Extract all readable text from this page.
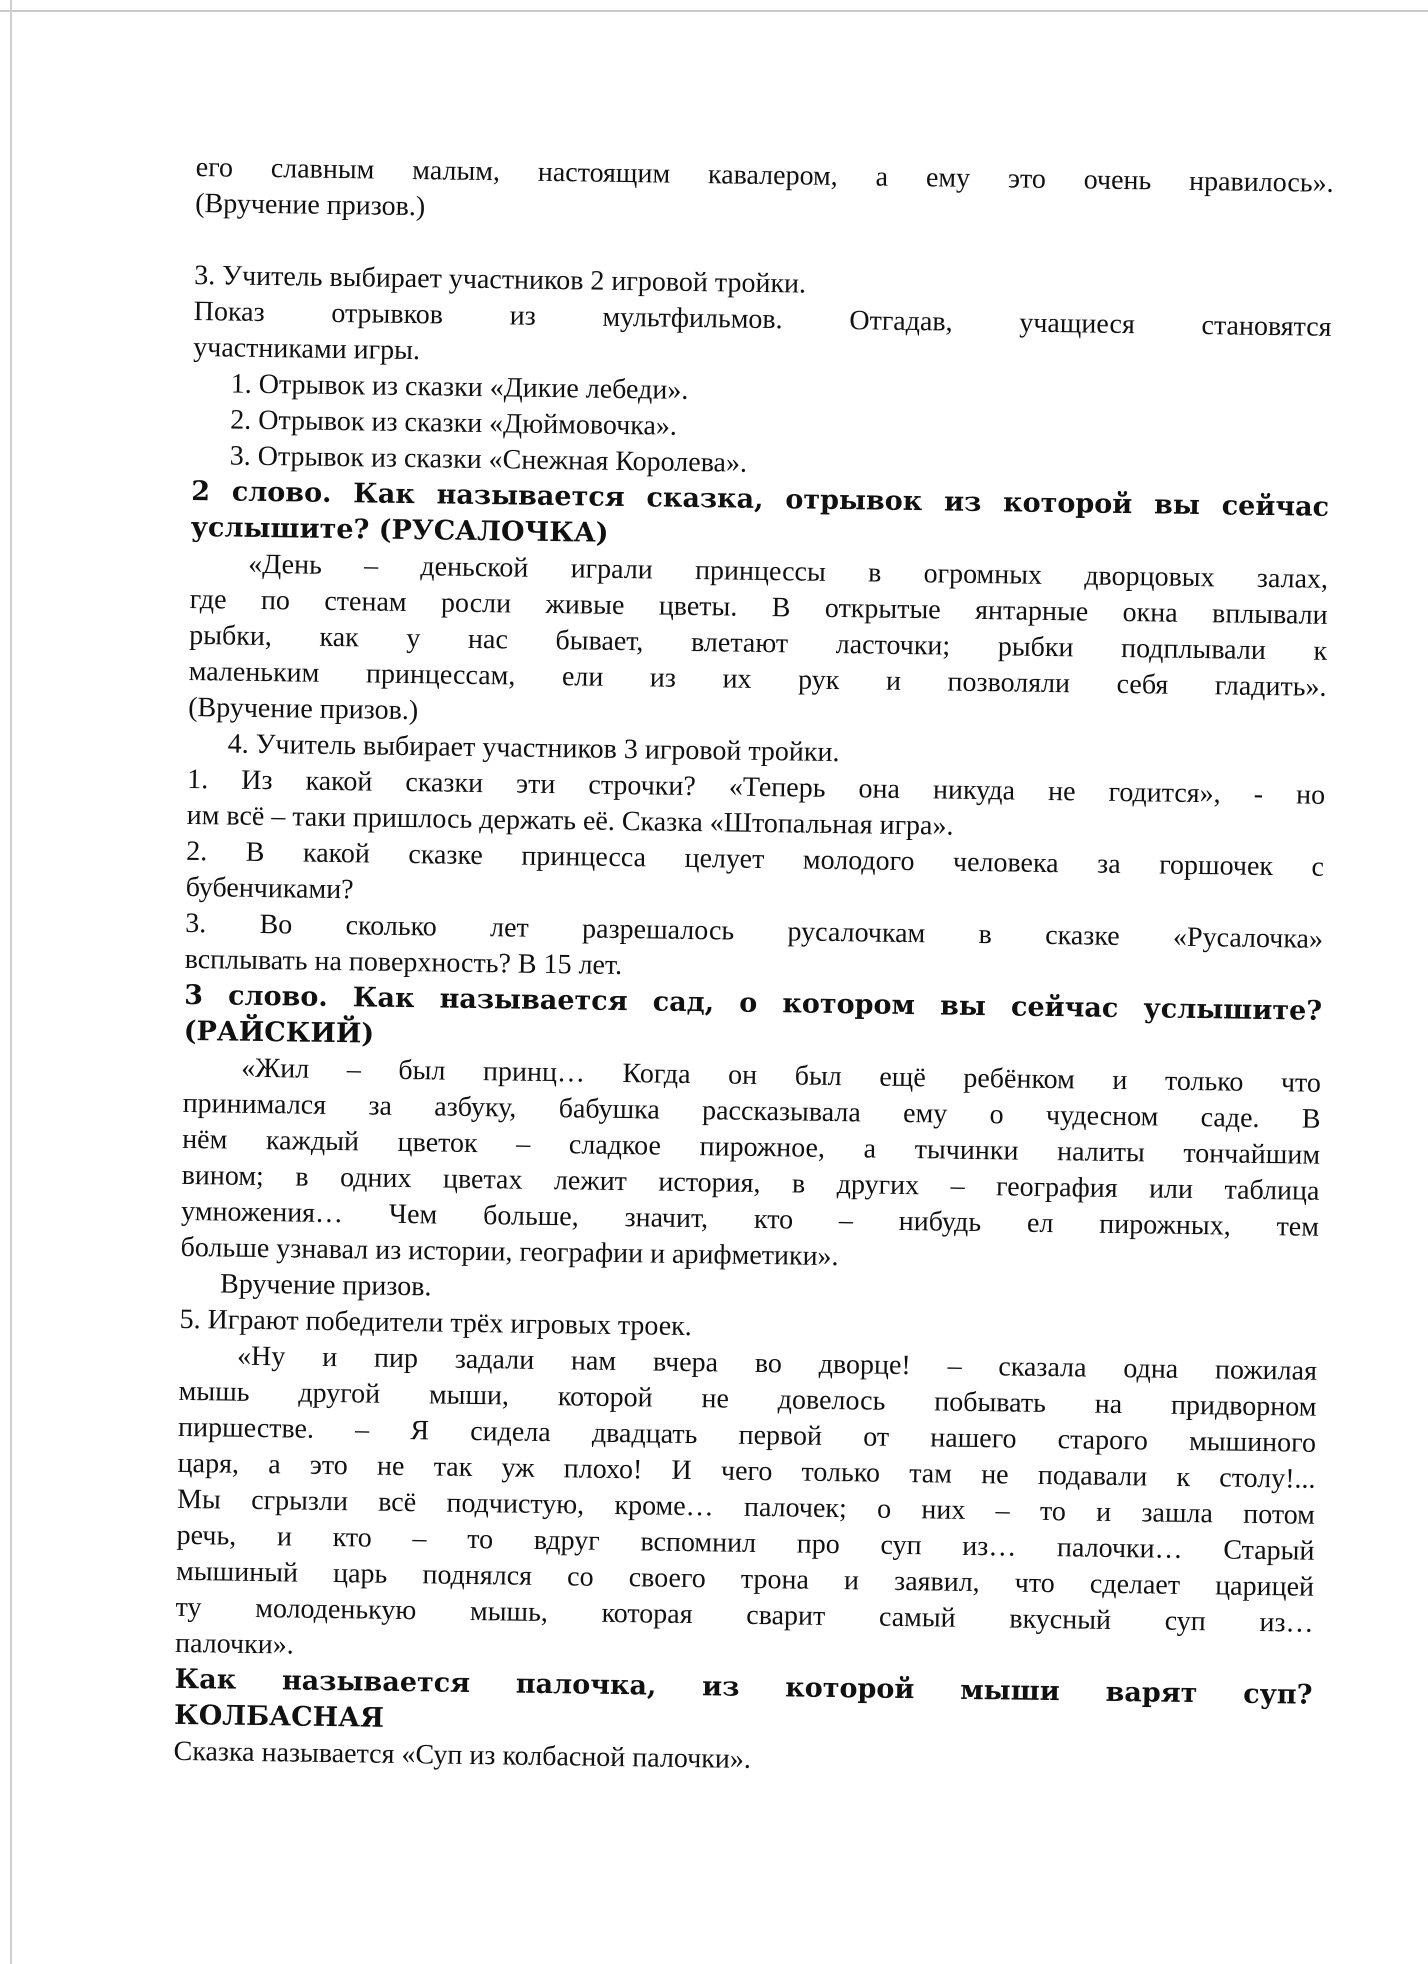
его славным малым, настоящим кавалером, а ему это очень нравилось».
(Вручение призов.)
3. Учитель выбирает участников 2 игровой тройки.
Показ отрывков из мультфильмов. Отгадав, учащиеся становятся
участниками игры.
1. Отрывок из сказки «Дикие лебеди».
2. Отрывок из сказки «Дюймовочка».
3. Отрывок из сказки «Снежная Королева».
2 слово. Как называется сказка, отрывок из которой вы сейчас
услышите? (РУСАЛОЧКА)
«День – деньской играли принцессы в огромных дворцовых залах,
где по стенам росли живые цветы. В открытые янтарные окна вплывали
рыбки, как у нас бывает, влетают ласточки; рыбки подплывали к
маленьким принцессам, ели из их рук и позволяли себя гладить».
(Вручение призов.)
4. Учитель выбирает участников 3 игровой тройки.
1. Из какой сказки эти строчки? «Теперь она никуда не годится», - но
им всё – таки пришлось держать её. Сказка «Штопальная игра».
2. В какой сказке принцесса целует молодого человека за горшочек с
бубенчиками?
3. Во сколько лет разрешалось русалочкам в сказке «Русалочка»
всплывать на поверхность? В 15 лет.
3 слово. Как называется сад, о котором вы сейчас услышите?
(РАЙСКИЙ)
«Жил – был принц… Когда он был ещё ребёнком и только что
принимался за азбуку, бабушка рассказывала ему о чудесном саде. В
нём каждый цветок – сладкое пирожное, а тычинки налиты тончайшим
вином; в одних цветах лежит история, в других – география или таблица
умножения… Чем больше, значит, кто – нибудь ел пирожных, тем
больше узнавал из истории, географии и арифметики».
Вручение призов.
5. Играют победители трёх игровых троек.
«Ну и пир задали нам вчера во дворце! – сказала одна пожилая
мышь другой мыши, которой не довелось побывать на придворном
пиршестве. – Я сидела двадцать первой от нашего старого мышиного
царя, а это не так уж плохо! И чего только там не подавали к столу!...
Мы сгрызли всё подчистую, кроме… палочек; о них – то и зашла потом
речь, и кто – то вдруг вспомнил про суп из… палочки… Старый
мышиный царь поднялся со своего трона и заявил, что сделает царицей
ту молоденькую мышь, которая сварит самый вкусный суп из…
палочки».
Как называется палочка, из которой мыши варят суп?
КОЛБАСНАЯ
Сказка называется «Суп из колбасной палочки».
